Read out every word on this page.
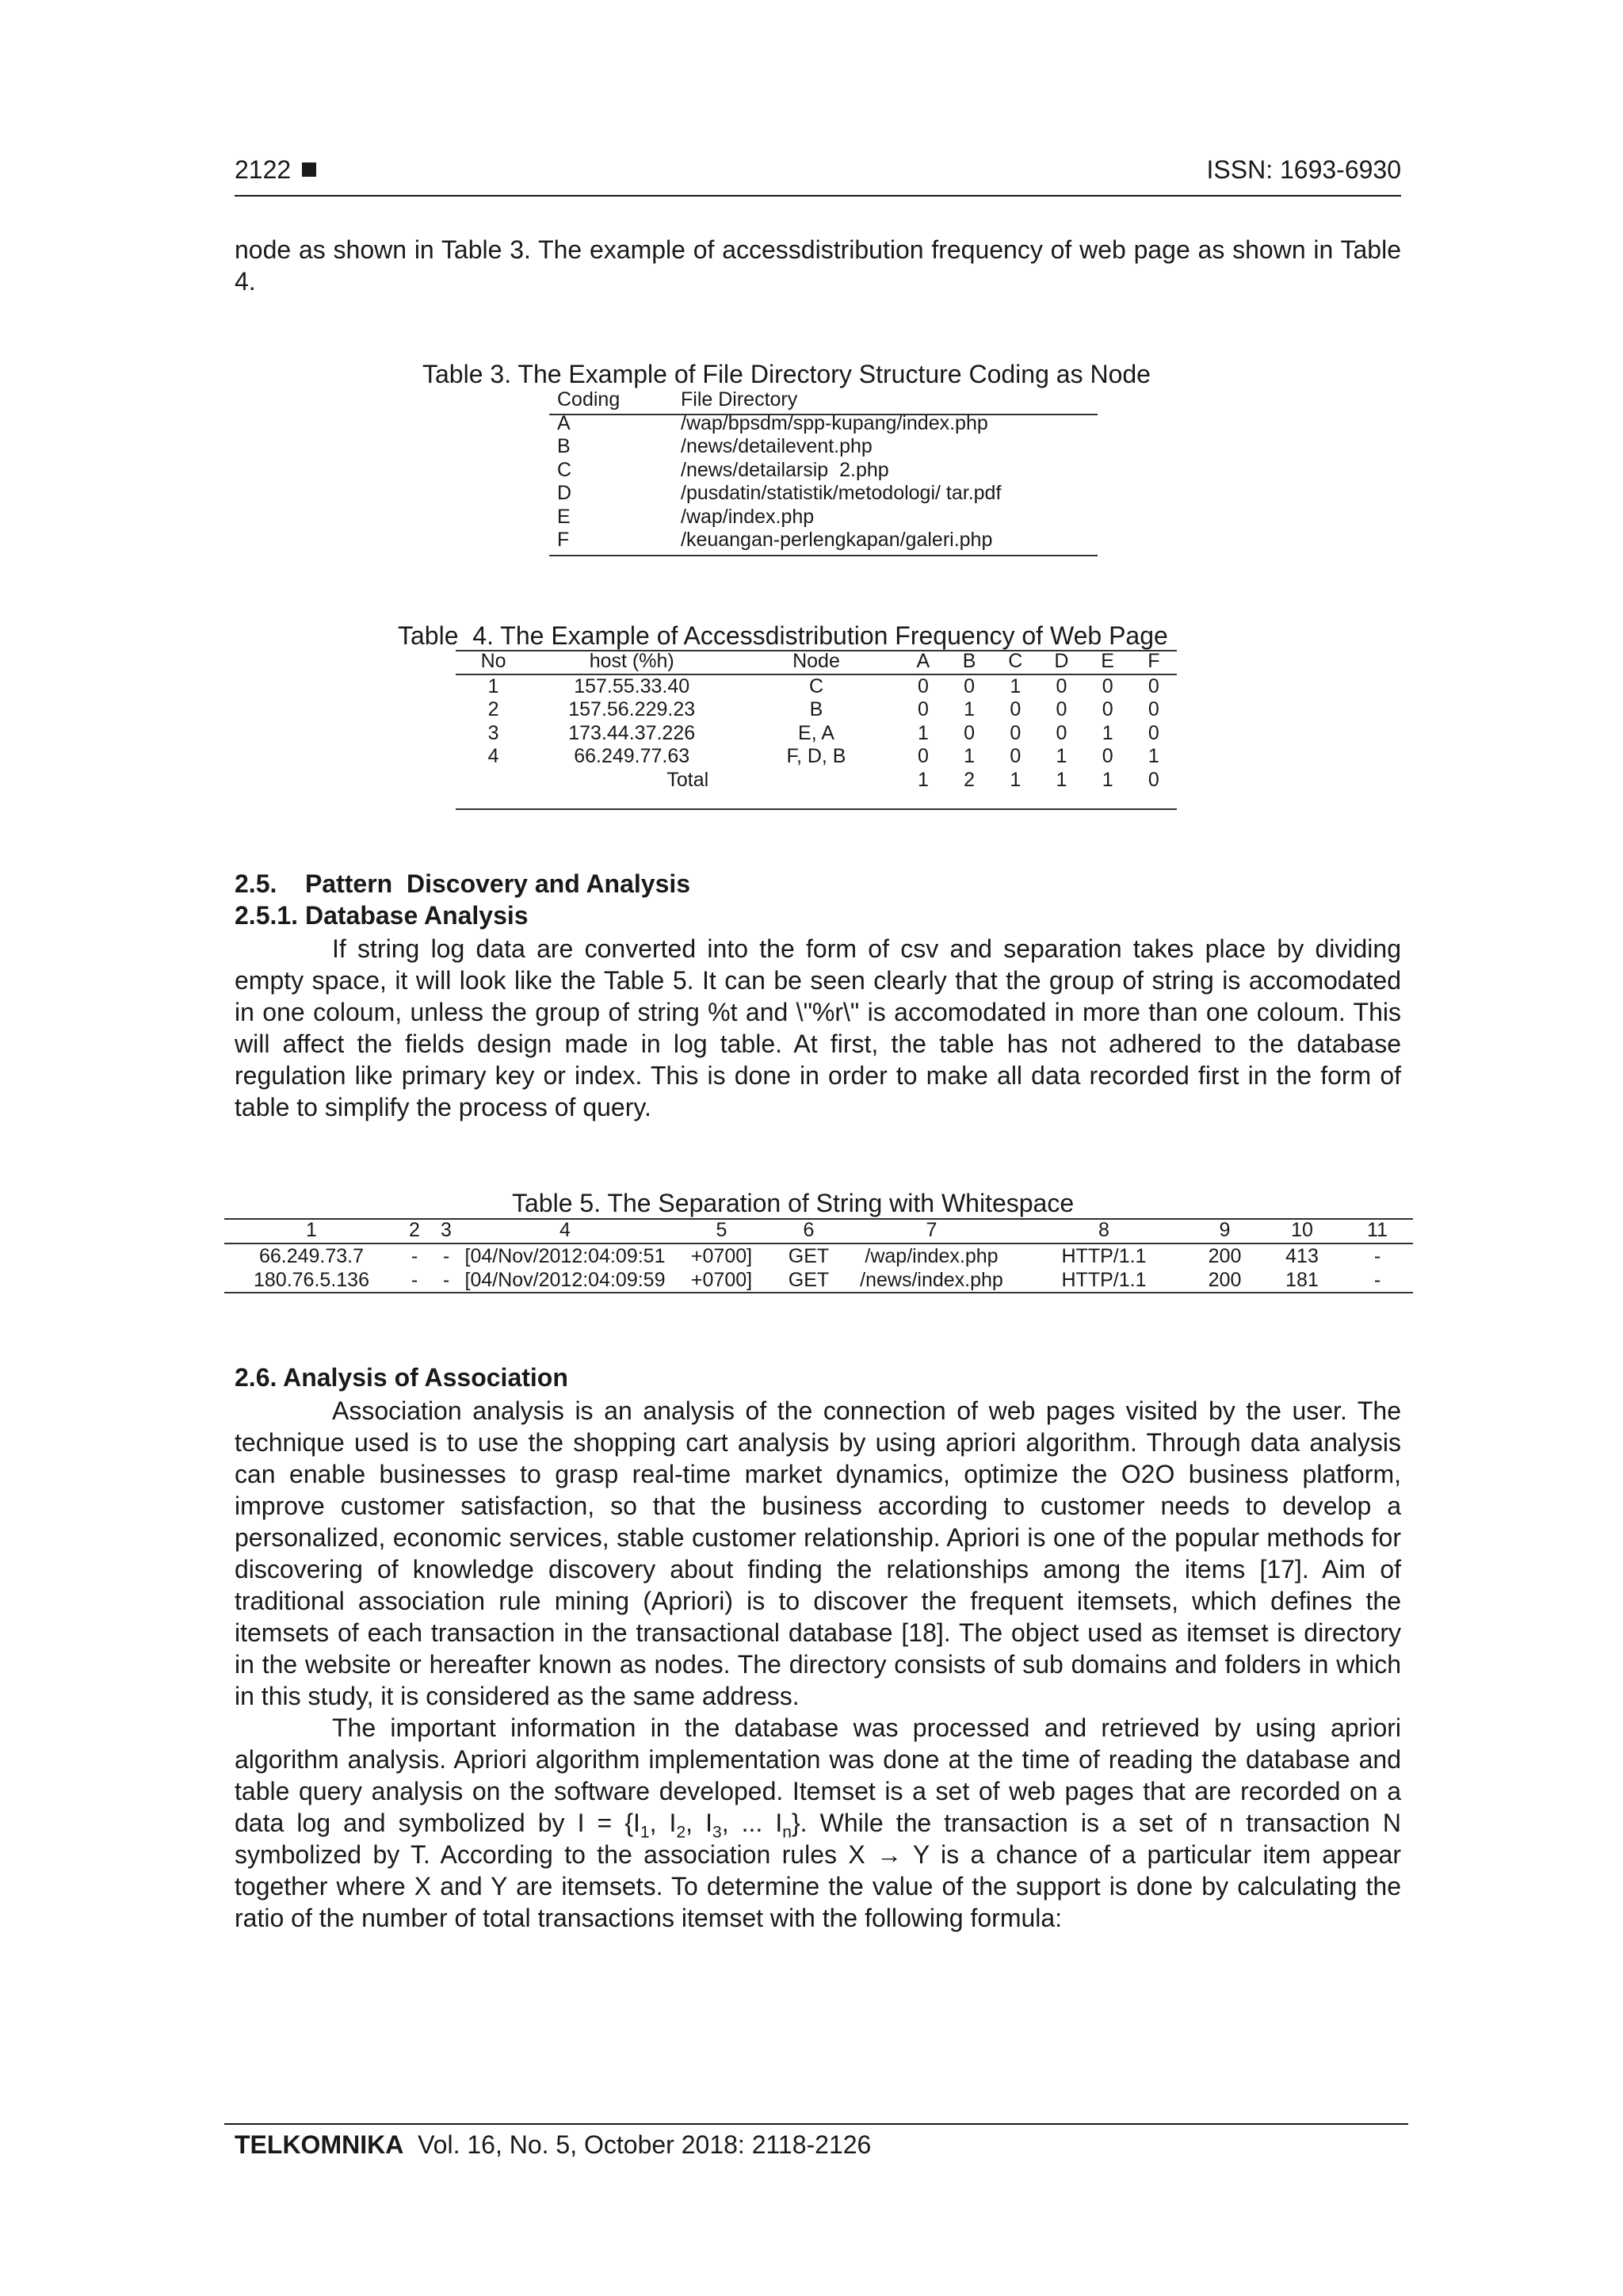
2122	ISSN: 1693-6930

node as shown in Table 3. The example of accessdistribution frequency of web page as shown in Table 4.

Table 3. The Example of File Directory Structure Coding as Node
Coding	File Directory
A	/wap/bpsdm/spp-kupang/index.php
B	/news/detailevent.php
C	/news/detailarsip  2.php
D	/pusdatin/statistik/metodologi/ tar.pdf
E	/wap/index.php
F	/keuangan-perlengkapan/galeri.php
Table  4. The Example of Accessdistribution Frequency of Web Page
No	host (%h)	Node	A	B	C	D	E	F
1	157.55.33.40	C	0	0	1	0	0	0
2	157.56.229.23	B	0	1	0	0	0	0
3	173.44.37.226	E, A	1	0	0	0	1	0
4	66.249.77.63	F, D, B	0	1	0	1	0	1
	Total		1	2	1	1	1	0
2.5.    Pattern  Discovery and Analysis
2.5.1. Database Analysis

If string log data are converted into the form of csv and separation takes place by dividing empty space, it will look like the Table 5. It can be seen clearly that the group of string is accomodated in one coloum, unless the group of string %t and \"%r\" is accomodated in more than one coloum. This will affect the fields design made in log table. At first, the table has not adhered to the database regulation like primary key or index. This is done in order to make all data recorded first in the form of table to simplify the process of query.

Table 5. The Separation of String with Whitespace
1	2	3	4	5	6	7	8	9	10	11
66.249.73.7	-	-	[04/Nov/2012:04:09:51	+0700]	GET	/wap/index.php	HTTP/1.1	200	413	-
180.76.5.136	-	-	[04/Nov/2012:04:09:59	+0700]	GET	/news/index.php	HTTP/1.1	200	181	-
2.6. Analysis of Association

Association analysis is an analysis of the connection of web pages visited by the user. The technique used is to use the shopping cart analysis by using apriori algorithm. Through data analysis can enable businesses to grasp real-time market dynamics, optimize the O2O business platform, improve customer satisfaction, so that the business according to customer needs to develop a personalized, economic services, stable customer relationship. Apriori is one of the popular methods for discovering of knowledge discovery about finding the relationships among the items [17]. Aim of traditional association rule mining (Apriori) is to discover the frequent itemsets, which defines the itemsets of each transaction in the transactional database [18]. The object used as itemset is directory in the website or hereafter known as nodes. The directory consists of sub domains and folders in which in this study, it is considered as the same address.

The important information in the database was processed and retrieved by using apriori algorithm analysis. Apriori algorithm implementation was done at the time of reading the database and table query analysis on the software developed. Itemset is a set of web pages that are recorded on a data log and symbolized by $I = \{I_1$, $I_2$, $I_3$, ... $I_n$}. While the transaction is a set of n transaction N symbolized by T. According to the association rules X → Y is a chance of a particular item appear together where X and Y are itemsets. To determine the value of the support is done by calculating the ratio of the number of total transactions itemset with the following formula:

TELKOMNIKA Vol. 16, No. 5, October 2018: 2118-2126
